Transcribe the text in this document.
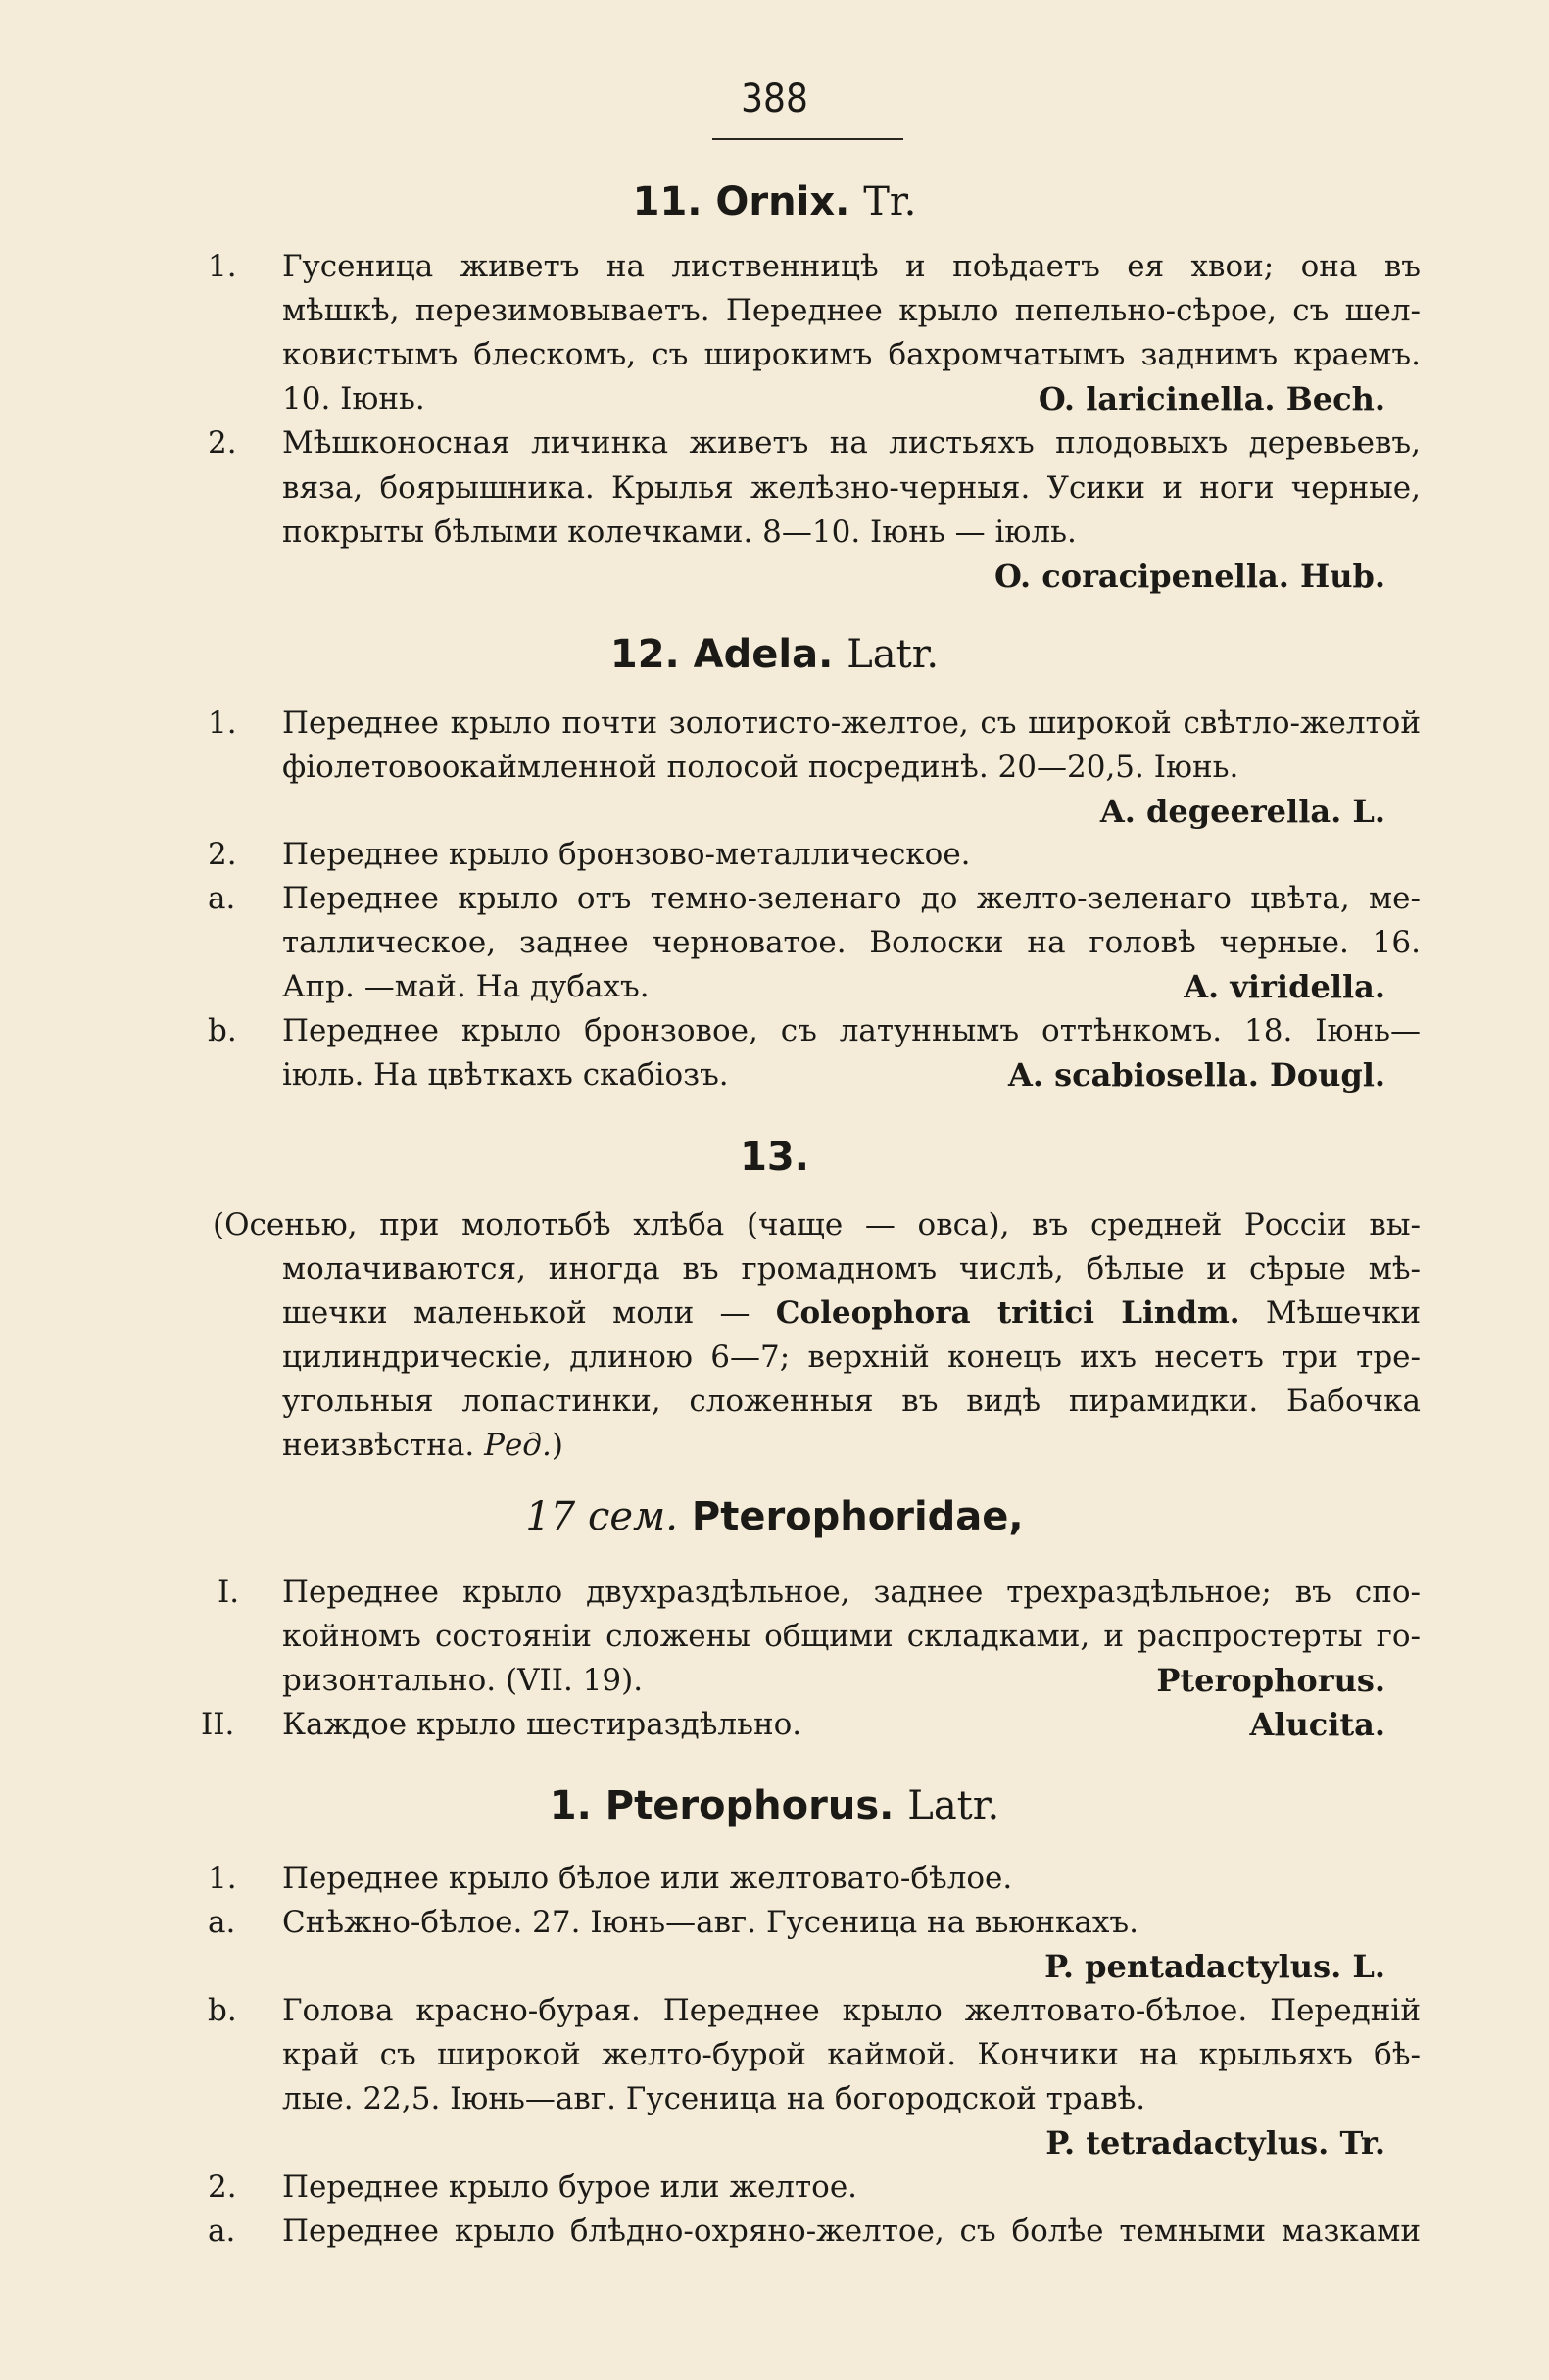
388
11. Ornix. Tr.
1. Гусеница живетъ на лиственницѣ и поѣдаетъ ея хвои; она въ
мѣшкѣ, перезимовываетъ. Переднее крыло пепельно-сѣрое, съ шел-
ковистымъ блескомъ, съ широкимъ бахромчатымъ заднимъ краемъ.
10. Іюнь.	O. laricinella. Bech.
2. Мѣшконосная личинка живетъ на листьяхъ плодовыхъ деревьевъ,
вяза, боярышника. Крылья желѣзно-черныя. Усики и ноги черные,
покрыты бѣлыми колечками. 8—10. Іюнь — іюль.
O. coracipenella. Hub.
12. Adela. Latr.
1. Переднее крыло почти золотисто-желтое, съ широкой свѣтло-желтой
фіолетовоокаймленной полосой посрединѣ. 20—20,5. Іюнь.
A. degeerella. L.
2. Переднее крыло бронзово-металлическое.
a. Переднее крыло отъ темно-зеленаго до желто-зеленаго цвѣта, ме-
таллическое, заднее черноватое. Волоски на головѣ черные. 16.
Апр. —май. На дубахъ.	A. viridella.
b. Переднее крыло бронзовое, съ латуннымъ оттѣнкомъ. 18. Іюнь—
іюль. На цвѣткахъ скабіозъ.	A. scabiosella. Dougl.
13.
(Осенью, при молотьбѣ хлѣба (чаще — овса), въ средней Россіи вы-
молачиваются, иногда въ громадномъ числѣ, бѣлые и сѣрые мѣ-
шечки маленькой моли — Coleophora tritici Lindm. Мѣшечки
цилиндрическіе, длиною 6—7; верхній конецъ ихъ несетъ три тре-
угольныя лопастинки, сложенныя въ видѣ пирамидки. Бабочка
неизвѣстна. Ред.)
17 сем. Pterophoridae,
I. Переднее крыло двухраздѣльное, заднее трехраздѣльное; въ спо-
койномъ состояніи сложены общими складками, и распростерты го-
ризонтально. (VII. 19).	Pterophorus.
II. Каждое крыло шестираздѣльно.	Alucita.
1. Pterophorus. Latr.
1. Переднее крыло бѣлое или желтовато-бѣлое.
a. Снѣжно-бѣлое. 27. Іюнь—авг. Гусеница на вьюнкахъ.
P. pentadactylus. L.
b. Голова красно-бурая. Переднее крыло желтовато-бѣлое. Передній
край съ широкой желто-бурой каймой. Кончики на крыльяхъ бѣ-
лые. 22,5. Іюнь—авг. Гусеница на богородской травѣ.
P. tetradactylus. Tr.
2. Переднее крыло бурое или желтое.
a. Переднее крыло блѣдно-охряно-желтое, съ болѣе темными мазками
